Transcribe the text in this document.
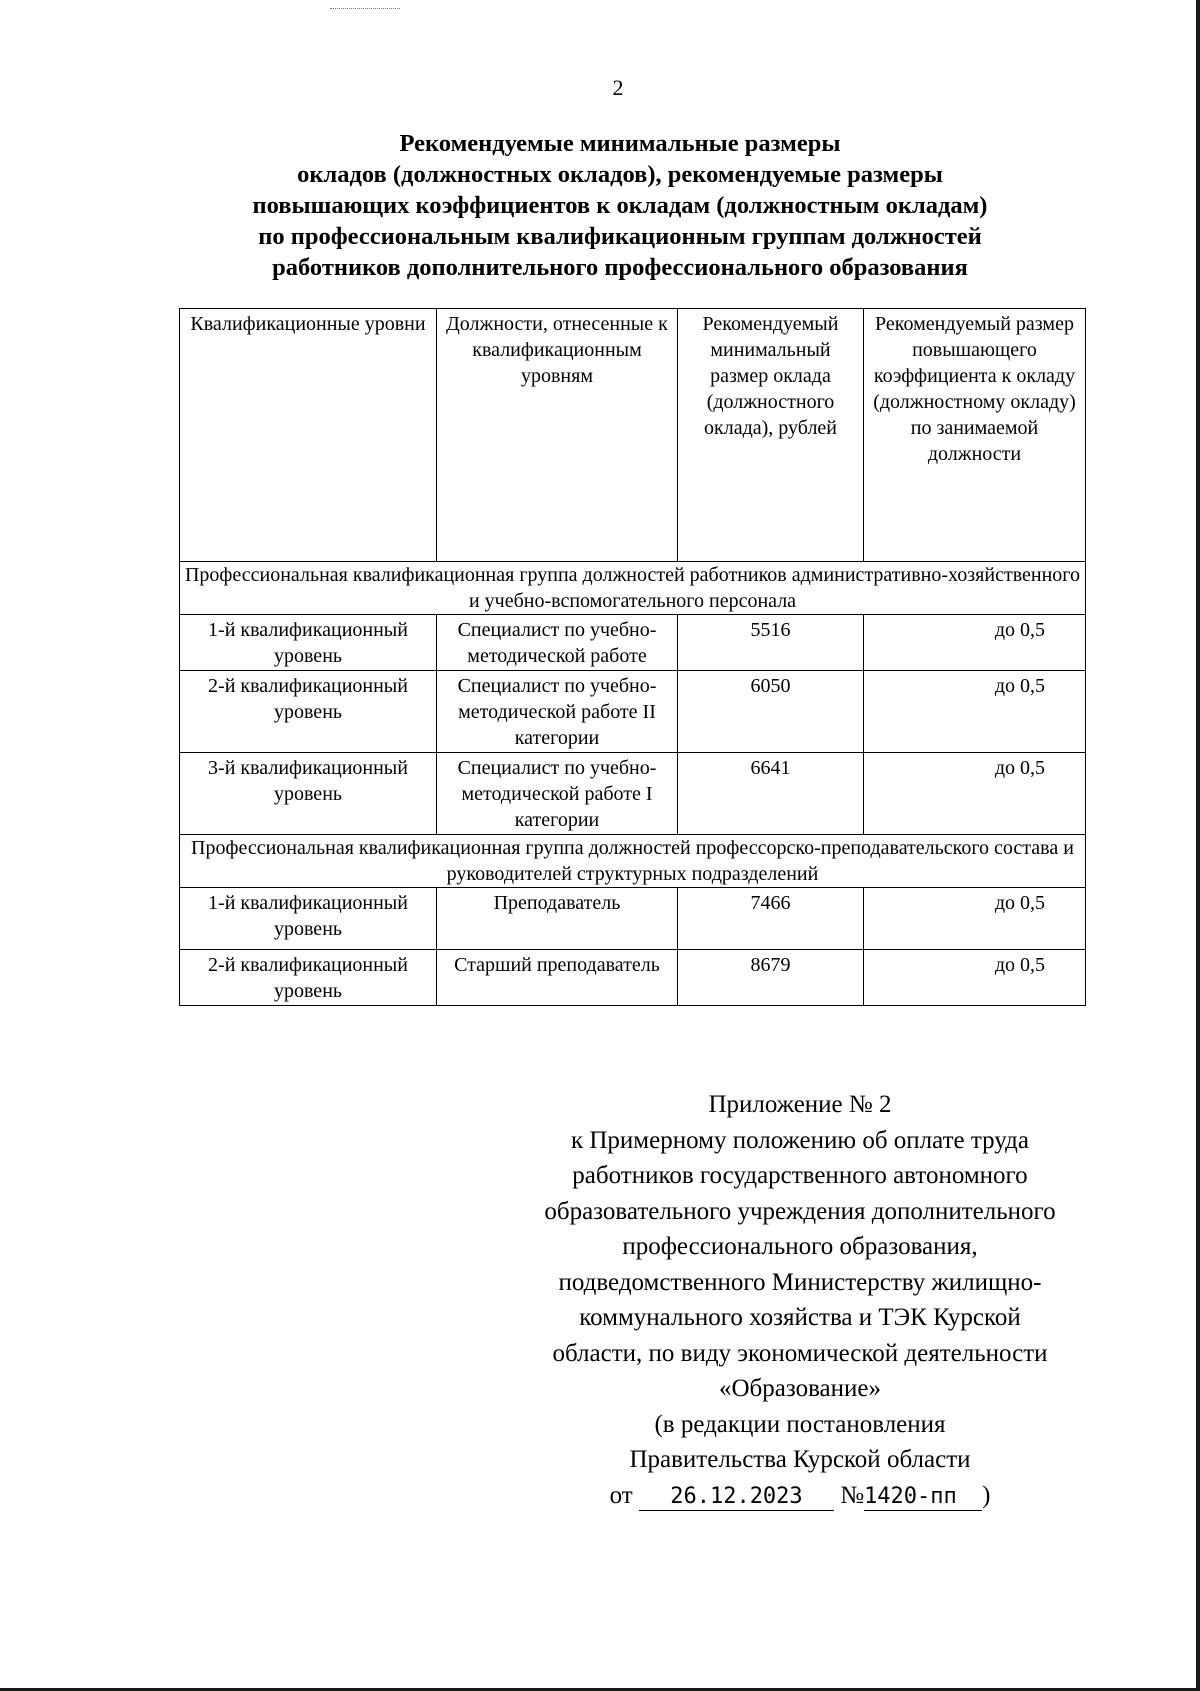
2
Рекомендуемые минимальные размеры
окладов (должностных окладов), рекомендуемые размеры
повышающих коэффициентов к окладам (должностным окладам)
по профессиональным квалификационным группам должностей
работников дополнительного профессионального образования
Квалификационные уровни	Должности, отнесенные к квалификационным уровням	Рекомендуемый минимальный размер оклада (должностного оклада), рублей	Рекомендуемый размер повышающего коэффициента к окладу (должностному окладу) по занимаемой должности
Профессиональная квалификационная группа должностей работников административно-хозяйственного и учебно-вспомогательного персонала			
1-й квалификационный уровень	Специалист по учебно-методической работе	5516	до 0,5
2-й квалификационный уровень	Специалист по учебно-методической работе II категории	6050	до 0,5
3-й квалификационный уровень	Специалист по учебно-методической работе I категории	6641	до 0,5
Профессиональная квалификационная группа должностей профессорско-преподавательского состава и руководителей структурных подразделений			
1-й квалификационный уровень	Преподаватель	7466	до 0,5
2-й квалификационный уровень	Старший преподаватель	8679	до 0,5
Приложение № 2
к Примерному положению об оплате труда
работников государственного автономного
образовательного учреждения дополнительного
профессионального образования,
подведомственного Министерству жилищно-
коммунального хозяйства и ТЭК Курской
области, по виду экономической деятельности
«Образование»
(в редакции постановления
Правительства Курской области
от 26.12.2023 №1420-пп )
